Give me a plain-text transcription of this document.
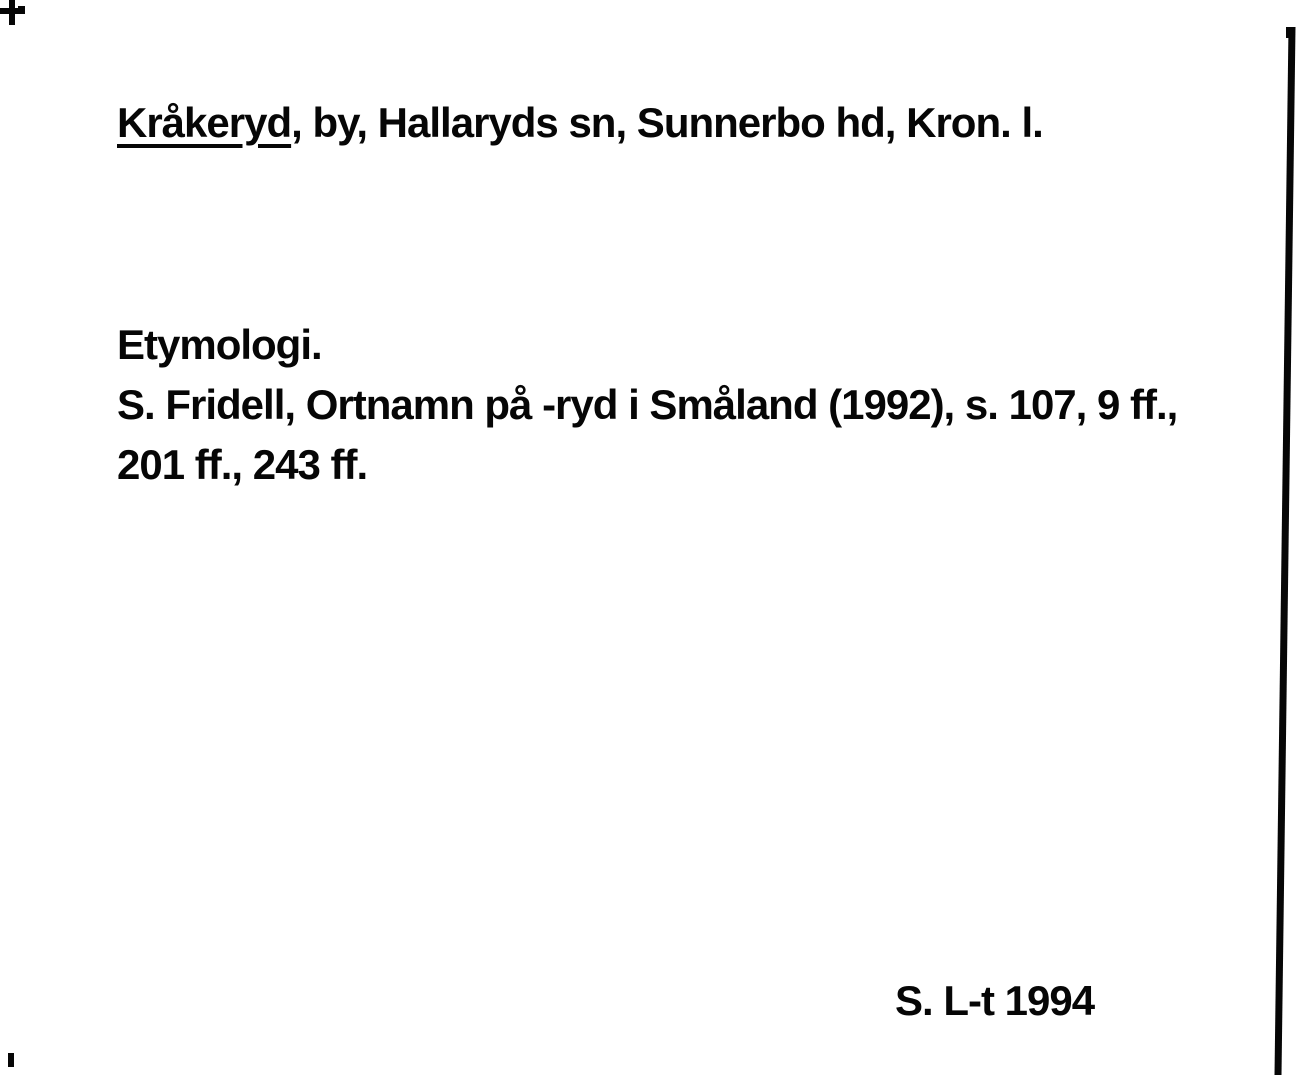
Kråkeryd, by, Hallaryds sn, Sunnerbo hd, Kron. l.
Etymologi.
S. Fridell, Ortnamn på -ryd i Småland (1992), s. 107, 9 ff.,
201 ff., 243 ff.
S. L-t 1994
